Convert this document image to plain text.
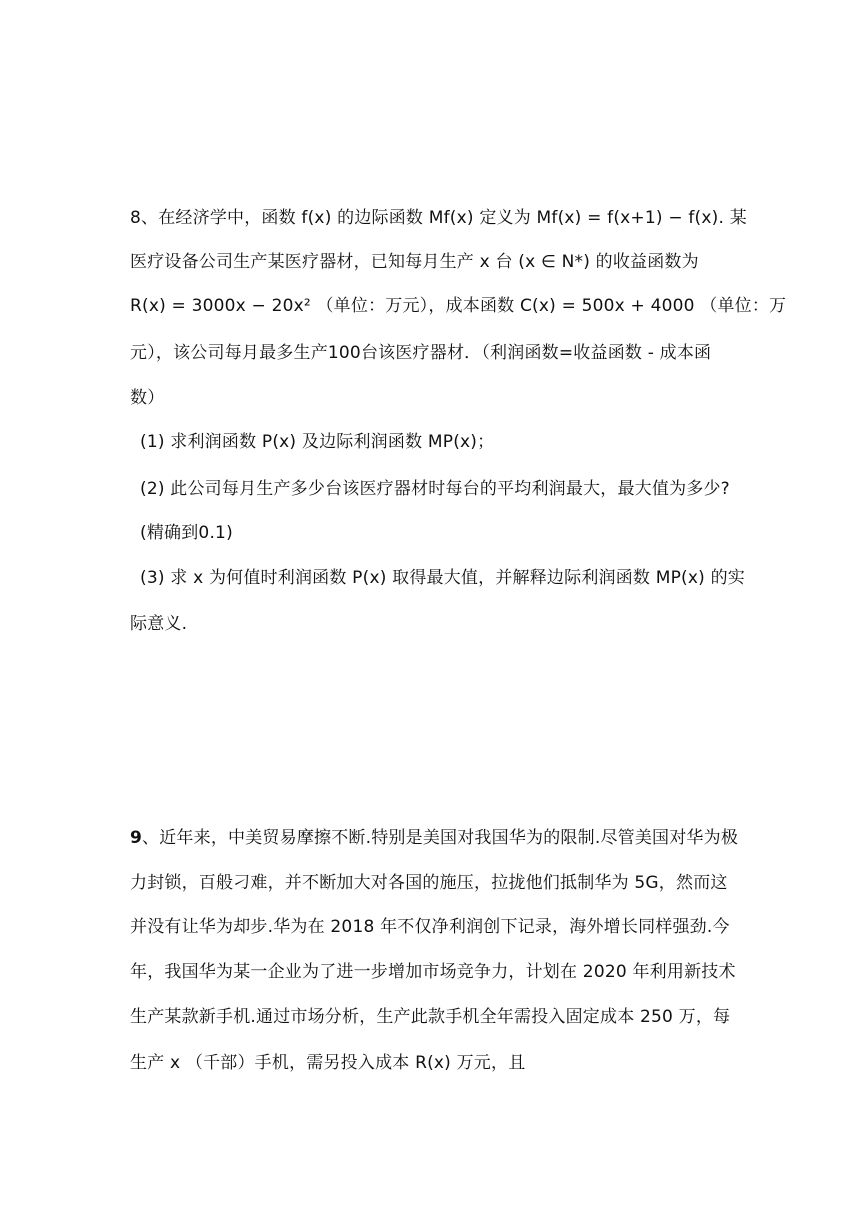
8、在经济学中，函数 f(x) 的边际函数 Mf(x) 定义为 Mf(x) = f(x+1) − f(x). 某
医疗设备公司生产某医疗器材，已知每月生产 x 台 (x ∈ N*) 的收益函数为
R(x) = 3000x − 20x² （单位：万元），成本函数 C(x) = 500x + 4000 （单位：万
元），该公司每月最多生产100台该医疗器材．（利润函数=收益函数 - 成本函
数）
(1) 求利润函数 P(x) 及边际利润函数 MP(x)；
(2) 此公司每月生产多少台该医疗器材时每台的平均利润最大，最大值为多少?
(精确到0.1)
(3) 求 x 为何值时利润函数 P(x) 取得最大值，并解释边际利润函数 MP(x) 的实
际意义.
9、近年来，中美贸易摩擦不断.特别是美国对我国华为的限制.尽管美国对华为极
力封锁，百般刁难，并不断加大对各国的施压，拉拢他们抵制华为 5G，然而这
并没有让华为却步.华为在 2018 年不仅净利润创下记录，海外增长同样强劲.今
年，我国华为某一企业为了进一步增加市场竞争力，计划在 2020 年利用新技术
生产某款新手机.通过市场分析，生产此款手机全年需投入固定成本 250 万，每
生产 x （千部）手机，需另投入成本 R(x) 万元，且
